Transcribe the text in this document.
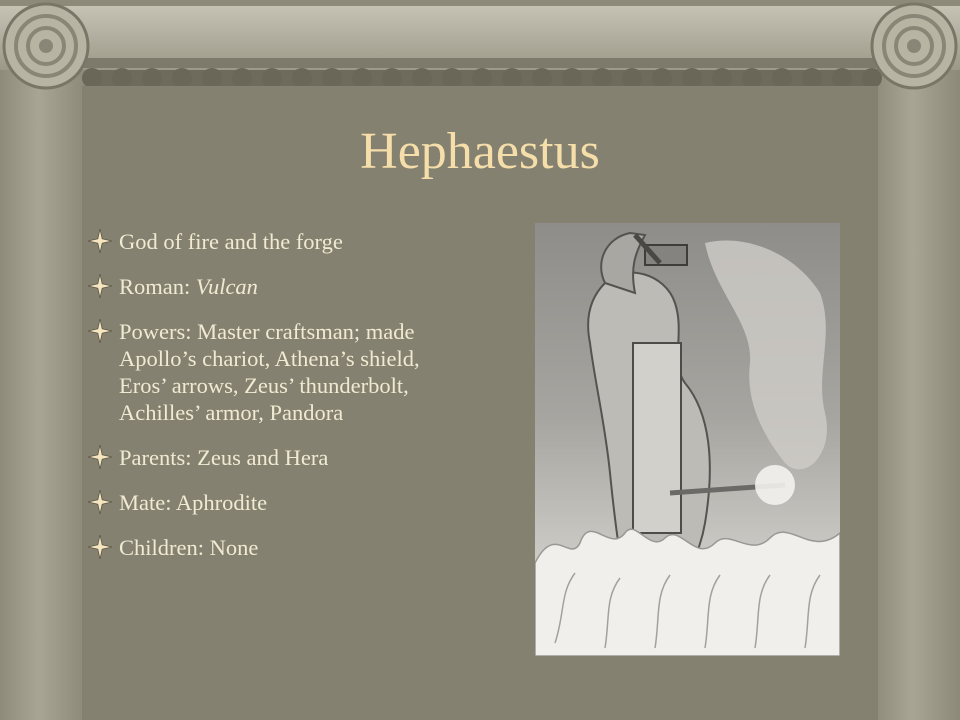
Hephaestus
God of fire and the forge
Roman: Vulcan
Powers: Master craftsman; made Apollo’s chariot, Athena’s shield, Eros’ arrows, Zeus’ thunderbolt, Achilles’ armor, Pandora
Parents: Zeus and Hera
Mate: Aphrodite
Children: None
